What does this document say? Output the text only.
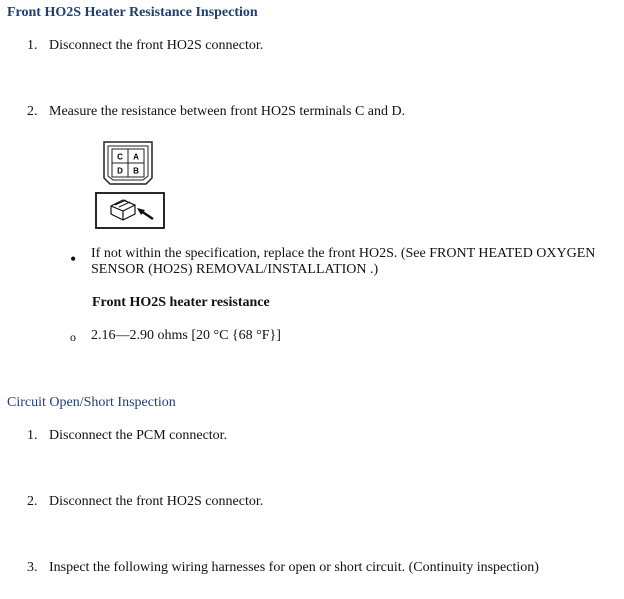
Front HO2S Heater Resistance Inspection
1. Disconnect the front HO2S connector.
2. Measure the resistance between front HO2S terminals C and D.
C A
D B
• If not within the specification, replace the front HO2S. (See FRONT HEATED OXYGEN
SENSOR (HO2S) REMOVAL/INSTALLATION .)
Front HO2S heater resistance
o 2.16—2.90 ohms [20 °C {68 °F}]
Circuit Open/Short Inspection
1. Disconnect the PCM connector.
2. Disconnect the front HO2S connector.
3. Inspect the following wiring harnesses for open or short circuit. (Continuity inspection)
